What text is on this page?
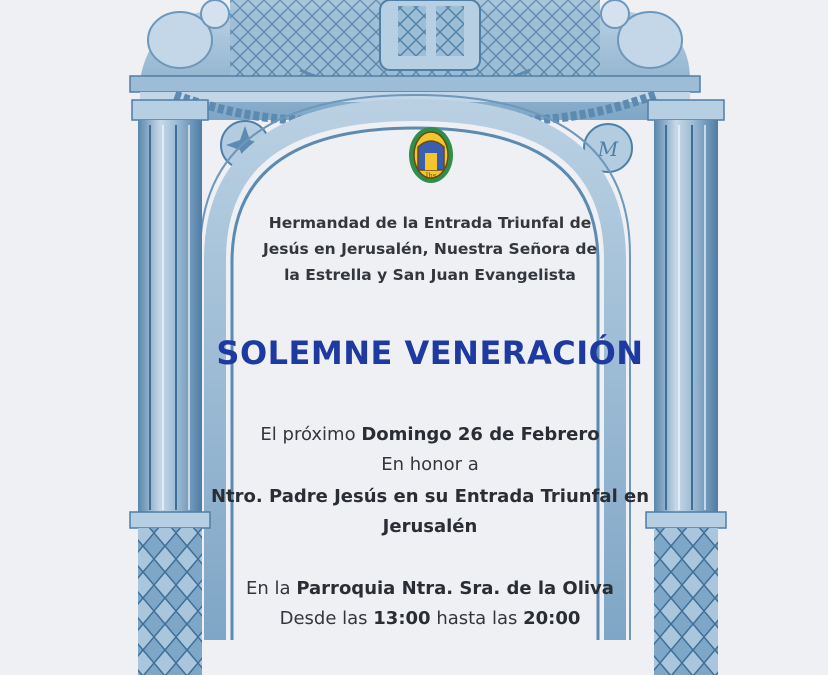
M
Jhs
Hermandad de la Entrada Triunfal de
Jesús en Jerusalén, Nuestra Señora de
la Estrella y San Juan Evangelista
SOLEMNE VENERACIÓN
El próximo Domingo 26 de Febrero
En honor a
Ntro. Padre Jesús en su Entrada Triunfal en
Jerusalén
En la Parroquia Ntra. Sra. de la Oliva
Desde las 13:00 hasta las 20:00
